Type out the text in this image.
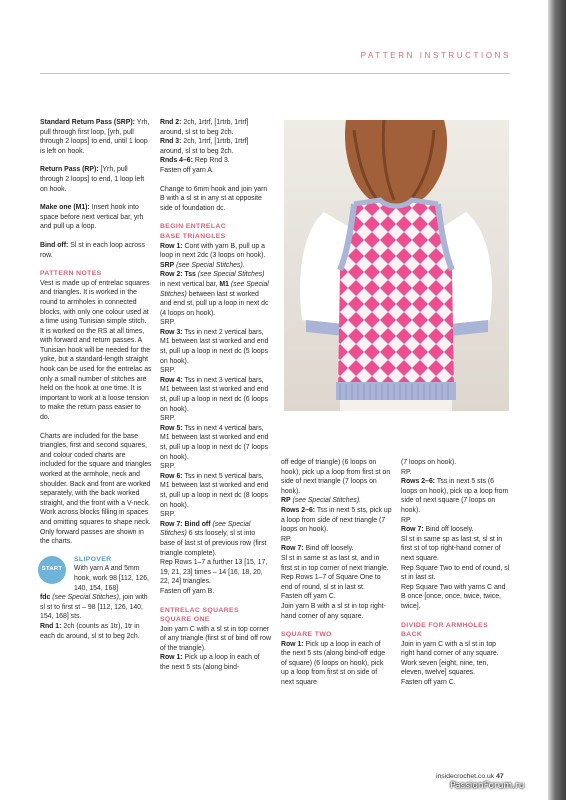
PATTERN INSTRUCTIONS

Standard Return Pass (SRP): Yrh, pull through first loop, [yrh, pull through 2 loops] to end, until 1 loop is left on hook.

Return Pass (RP): [Yrh, pull through 2 loops] to end, 1 loop left on hook.

Make one (M1): Insert hook into space before next vertical bar, yrh and pull up a loop.

Bind off: Sl st in each loop across row.

PATTERN NOTES

Vest is made up of entrelac squares and triangles. It is worked in the round to armholes in connected blocks, with only one colour used at a time using Tunisian simple stitch. It is worked on the RS at all times, with forward and return passes. A Tunisian hook will be needed for the yoke, but a standard-length straight hook can be used for the entrelac as only a small number of stitches are held on the hook at one time. It is important to work at a loose tension to make the return pass easier to do.

Charts are included for the base triangles, first and second squares, and colour coded charts are included for the square and triangles worked at the armhole, neck and shoulder. Back and front are worked separately, with the back worked straight, and the front with a V-neck. Work across blocks filling in spaces and omitting squares to shape neck. Only forward passes are shown in the charts.

START
SLIPOVER
With yarn A and 5mm hook, work 98 [112, 126, 140, 154, 168]

fdc (see Special Stitches), join with sl st to first st – 98 [112, 126, 140, 154, 168] sts.

Rnd 1: 2ch (counts as 1tr), 1tr in each dc around, sl st to beg 2ch.

Rnd 2: 2ch, 1rtrf, [1rtrb, 1rtrf] around, sl st to beg 2ch.

Rnd 3: 2ch, 1rtrf, [1rtrb, 1rtrf] around, sl st to beg 2ch.

Rnds 4–6: Rep Rnd 3.

Fasten off yarn A.

Change to 6mm hook and join yarn B with a sl st in any st at opposite side of foundation dc.

BEGIN ENTRELAC
BASE TRIANGLES

Row 1: Cont with yarn B, pull up a loop in next 2dc (3 loops on hook).

SRP (see Special Stitches).

Row 2: Tss (see Special Stitches) in next vertical bar, M1 (see Special Stitches) between last st worked and end st, pull up a loop in next dc (4 loops on hook).

SRP.

Row 3: Tss in next 2 vertical bars, M1 between last st worked and end st, pull up a loop in next dc (5 loops on hook).

SRP.

Row 4: Tss in next 3 vertical bars, M1 between last st worked and end st, pull up a loop in next dc (6 loops on hook).

SRP.

Row 5: Tss in next 4 vertical bars, M1 between last st worked and end st, pull up a loop in next dc (7 loops on hook).

SRP.

Row 6: Tss in next 5 vertical bars, M1 between last st worked and end st, pull up a loop in next dc (8 loops on hook).

SRP.

Row 7: Bind off (see Special Stitches) 6 sts loosely, sl st into base of last st of previous row (first triangle complete).

Rep Rows 1–7 a further 13 [15, 17, 19, 21, 23] times – 14 [16, 18, 20, 22, 24] triangles.

Fasten off yarn B.

ENTRELAC SQUARES
SQUARE ONE

Join yarn C with a sl st in top corner of any triangle (first st of bind off row of the triangle).

Row 1: Pick up a loop in each of the next 5 sts (along bind-

off edge of triangle) (6 loops on hook), pick up a loop from first st on side of next triangle (7 loops on hook).

RP (see Special Stitches).

Rows 2–6: Tss in next 5 sts, pick up a loop from side of next triangle (7 loops on hook).

RP.

Row 7: Bind off loosely.

Sl st in same st as last st, and in first st in top corner of next triangle.

Rep Rows 1–7 of Square One to end of round, sl st in last st.

Fasten off yarn C.

Join yarn B with a sl st in top right-hand corner of any square.

SQUARE TWO

Row 1: Pick up a loop in each of the next 5 sts (along bind-off edge of square) (6 loops on hook), pick up a loop from first st on side of next square

(7 loops on hook).

RP.

Rows 2–6: Tss in next 5 sts (6 loops on hook), pick up a loop from side of next square (7 loops on hook).

RP.

Row 7: Bind off loosely.

Sl st in same sp as last st, sl st in first st of top right-hand corner of next square.

Rep Square Two to end of round, sl st in last st.

Rep Square Two with yarns C and B once [once, once, twice, twice, twice].

DIVIDE FOR ARMHOLES
BACK

Join in yarn C with a sl st in top right hand corner of any square.

Work seven [eight, nine, ten, eleven, twelve] squares.

Fasten off yarn C.

insidecrochet.co.uk 47
PassionForum.ru
